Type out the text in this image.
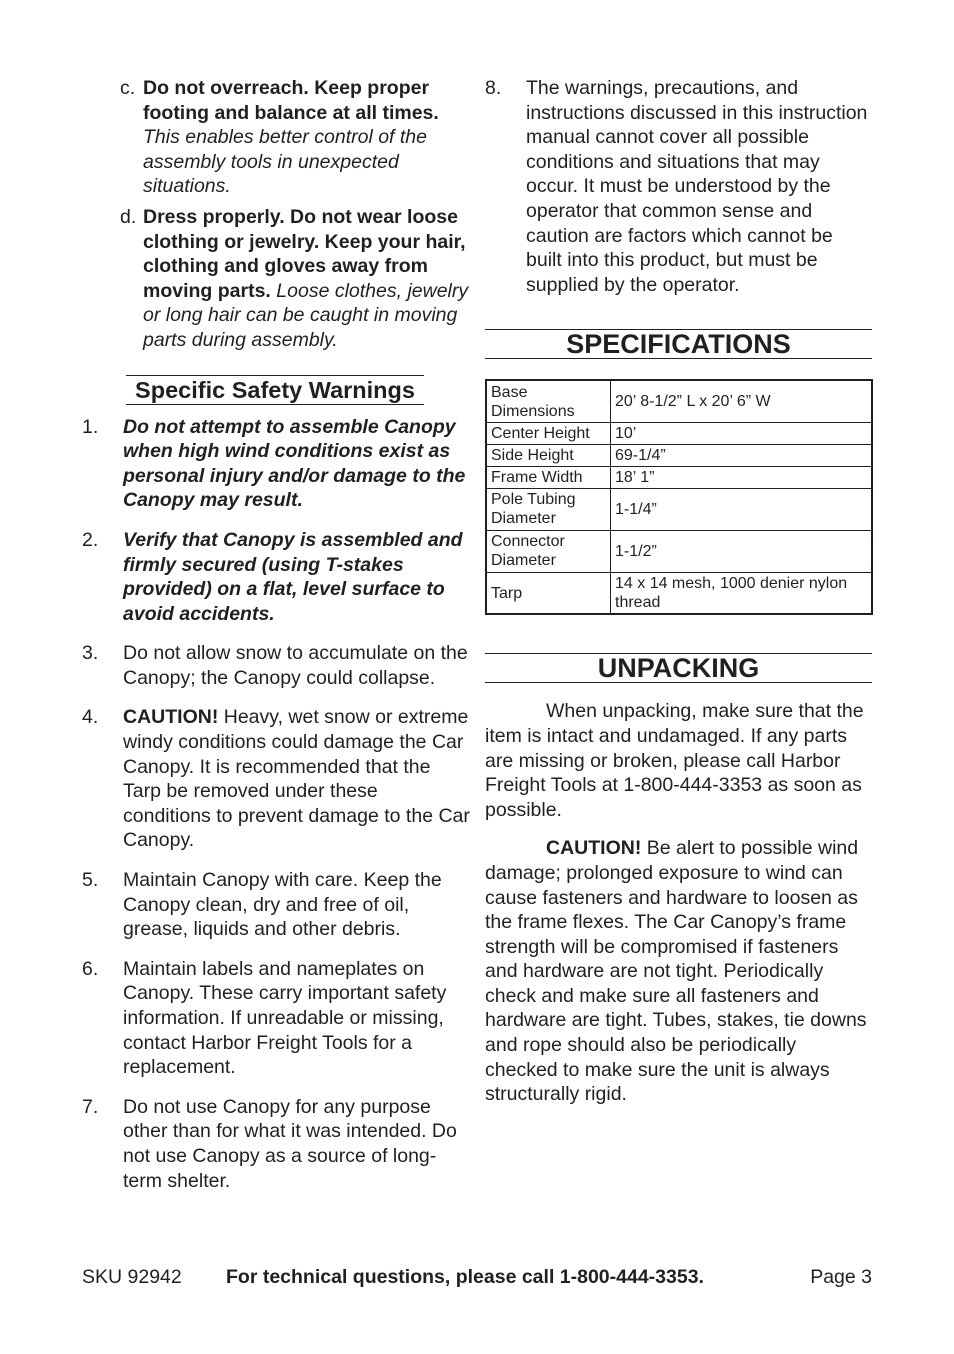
c. Do not overreach. Keep proper footing and balance at all times. This enables better control of the assembly tools in unexpected situations.

d. Dress properly. Do not wear loose clothing or jewelry. Keep your hair, clothing and gloves away from moving parts. Loose clothes, jewelry or long hair can be caught in moving parts during assembly.

Specific Safety Warnings
1. Do not attempt to assemble Canopy when high wind conditions exist as personal injury and/or damage to the Canopy may result.

2. Verify that Canopy is assembled and firmly secured (using T-stakes provided) on a flat, level surface to avoid accidents.

3. Do not allow snow to accumulate on the Canopy; the Canopy could collapse.

4. CAUTION! Heavy, wet snow or extreme windy conditions could damage the Car Canopy. It is recommended that the Tarp be removed under these conditions to prevent damage to the Car Canopy.

5. Maintain Canopy with care. Keep the Canopy clean, dry and free of oil, grease, liquids and other debris.

6. Maintain labels and nameplates on Canopy. These carry important safety information. If unreadable or missing, contact Harbor Freight Tools for a replacement.

7. Do not use Canopy for any purpose other than for what it was intended. Do not use Canopy as a source of long-term shelter.

8. The warnings, precautions, and instructions discussed in this instruction manual cannot cover all possible conditions and situations that may occur. It must be understood by the operator that common sense and caution are factors which cannot be built into this product, but must be supplied by the operator.

SPECIFICATIONS
Base Dimensions	20’ 8-1/2” L x 20’ 6” W
Center Height	10’
Side Height	69-1/4”
Frame Width	18’ 1”
Pole Tubing Diameter	1-1/4”
Connector Diameter	1-1/2”
Tarp	14 x 14 mesh, 1000 denier nylon thread
UNPACKING

When unpacking, make sure that the item is intact and undamaged. If any parts are missing or broken, please call Harbor Freight Tools at 1-800-444-3353 as soon as possible.

CAUTION! Be alert to possible wind damage; prolonged exposure to wind can cause fasteners and hardware to loosen as the frame flexes. The Car Canopy’s frame strength will be compromised if fasteners and hardware are not tight. Periodically check and make sure all fasteners and hardware are tight. Tubes, stakes, tie downs and rope should also be periodically checked to make sure the unit is always structurally rigid.

SKU 92942 For technical questions, please call 1-800-444-3353.	Page 3
